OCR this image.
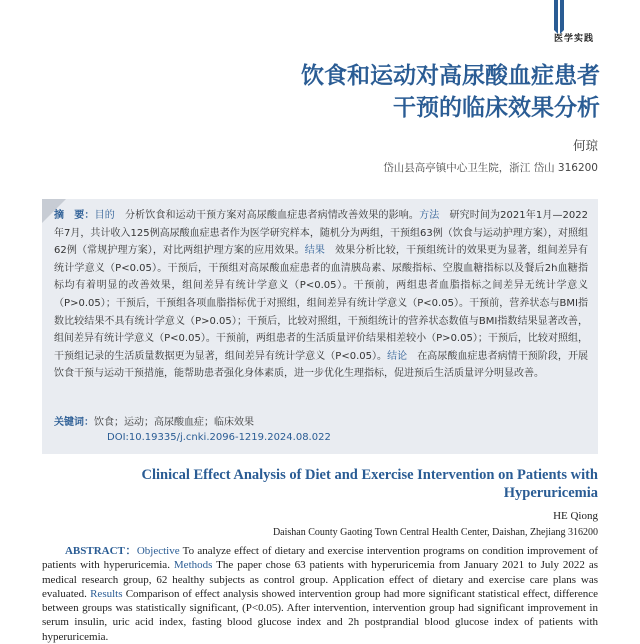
医学实践
饮食和运动对高尿酸血症患者
干预的临床效果分析
何琼
岱山县高亭镇中心卫生院，浙江 岱山 316200
摘　要：目的　 分析饮食和运动干预方案对高尿酸血症患者病情改善效果的影响。方法　 研究时间为2021年1月—2022年7月，共计收入125例高尿酸血症患者作为医学研究样本，随机分为两组，干预组63例（饮食与运动护理方案），对照组62例（常规护理方案），对比两组护理方案的应用效果。结果　 效果分析比较，干预组统计的效果更为显著，组间差异有统计学意义（P<0.05）。干预后，干预组对高尿酸血症患者的血清胰岛素、尿酸指标、空腹血糖指标以及餐后2h血糖指标均有着明显的改善效果，组间差异有统计学意义（P<0.05）。干预前，两组患者血脂指标之间差异无统计学意义（P>0.05）；干预后，干预组各项血脂指标优于对照组，组间差异有统计学意义（P<0.05）。干预前，营养状态与BMI指数比较结果不具有统计学意义（P>0.05）；干预后，比较对照组，干预组统计的营养状态数值与BMI指数结果显著改善，组间差异有统计学意义（P<0.05）。干预前，两组患者的生活质量评价结果相差较小（P>0.05）；干预后，比较对照组，干预组记录的生活质量数据更为显著，组间差异有统计学意义（P<0.05）。结论　 在高尿酸血症患者病情干预阶段，开展饮食干预与运动干预措施，能帮助患者强化身体素质，进一步优化生理指标，促进预后生活质量评分明显改善。
关键词：饮食；运动；高尿酸血症；临床效果
DOI:10.19335/j.cnki.2096-1219.2024.08.022
Clinical Effect Analysis of Diet and Exercise Intervention on Patients with Hyperuricemia
HE Qiong
Daishan County Gaoting Town Central Health Center, Daishan, Zhejiang 316200
　　ABSTRACT：Objective To analyze effect of dietary and exercise intervention programs on condition improvement of patients with hyperuricemia. Methods The paper chose 63 patients with hyperuricemia from January 2021 to July 2022 as medical research group, 62 healthy subjects as control group. Application effect of dietary and exercise care plans was evaluated. Results Comparison of effect analysis showed intervention group had more significant statistical effect, difference between groups was statistically significant, (P<0.05). After intervention, intervention group had significant improvement in serum insulin, uric acid index, fasting blood glucose index and 2h postprandial blood glucose index of patients with hyperuricemia.
